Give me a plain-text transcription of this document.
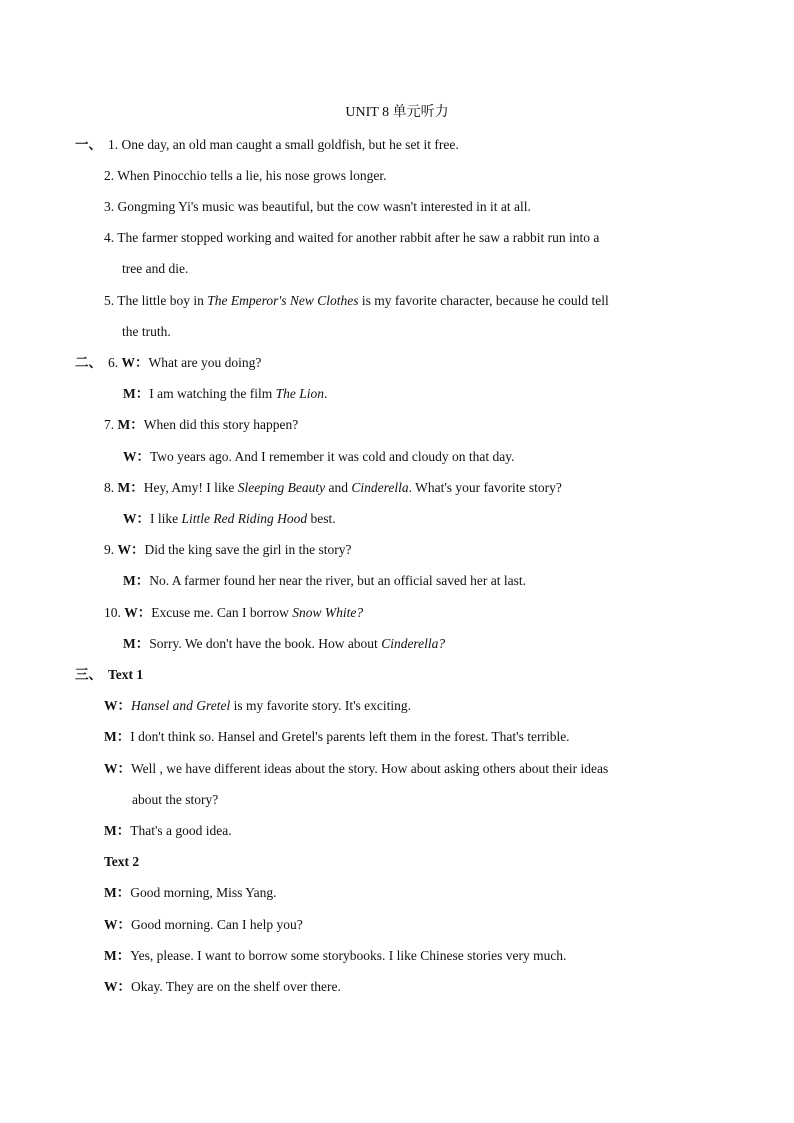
UNIT 8 单元听力
一、 1. One day, an old man caught a small goldfish, but he set it free.
2. When Pinocchio tells a lie, his nose grows longer.
3. Gongming Yi's music was beautiful, but the cow wasn't interested in it at all.
4. The farmer stopped working and waited for another rabbit after he saw a rabbit run into a
tree and die.
5. The little boy in The Emperor's New Clothes is my favorite character, because he could tell
the truth.
二、 6. W：What are you doing?
M：I am watching the film The Lion.
7. M：When did this story happen?
W：Two years ago. And I remember it was cold and cloudy on that day.
8. M：Hey, Amy! I like Sleeping Beauty and Cinderella. What's your favorite story?
W：I like Little Red Riding Hood best.
9. W：Did the king save the girl in the story?
M：No. A farmer found her near the river, but an official saved her at last.
10. W：Excuse me. Can I borrow Snow White?
M：Sorry. We don't have the book. How about Cinderella?
三、 Text 1
W：Hansel and Gretel is my favorite story. It's exciting.
M：I don't think so. Hansel and Gretel's parents left them in the forest. That's terrible.
W：Well , we have different ideas about the story. How about asking others about their ideas
about the story?
M：That's a good idea.
Text 2
M：Good morning, Miss Yang.
W：Good morning. Can I help you?
M：Yes, please. I want to borrow some storybooks. I like Chinese stories very much.
W：Okay. They are on the shelf over there.
